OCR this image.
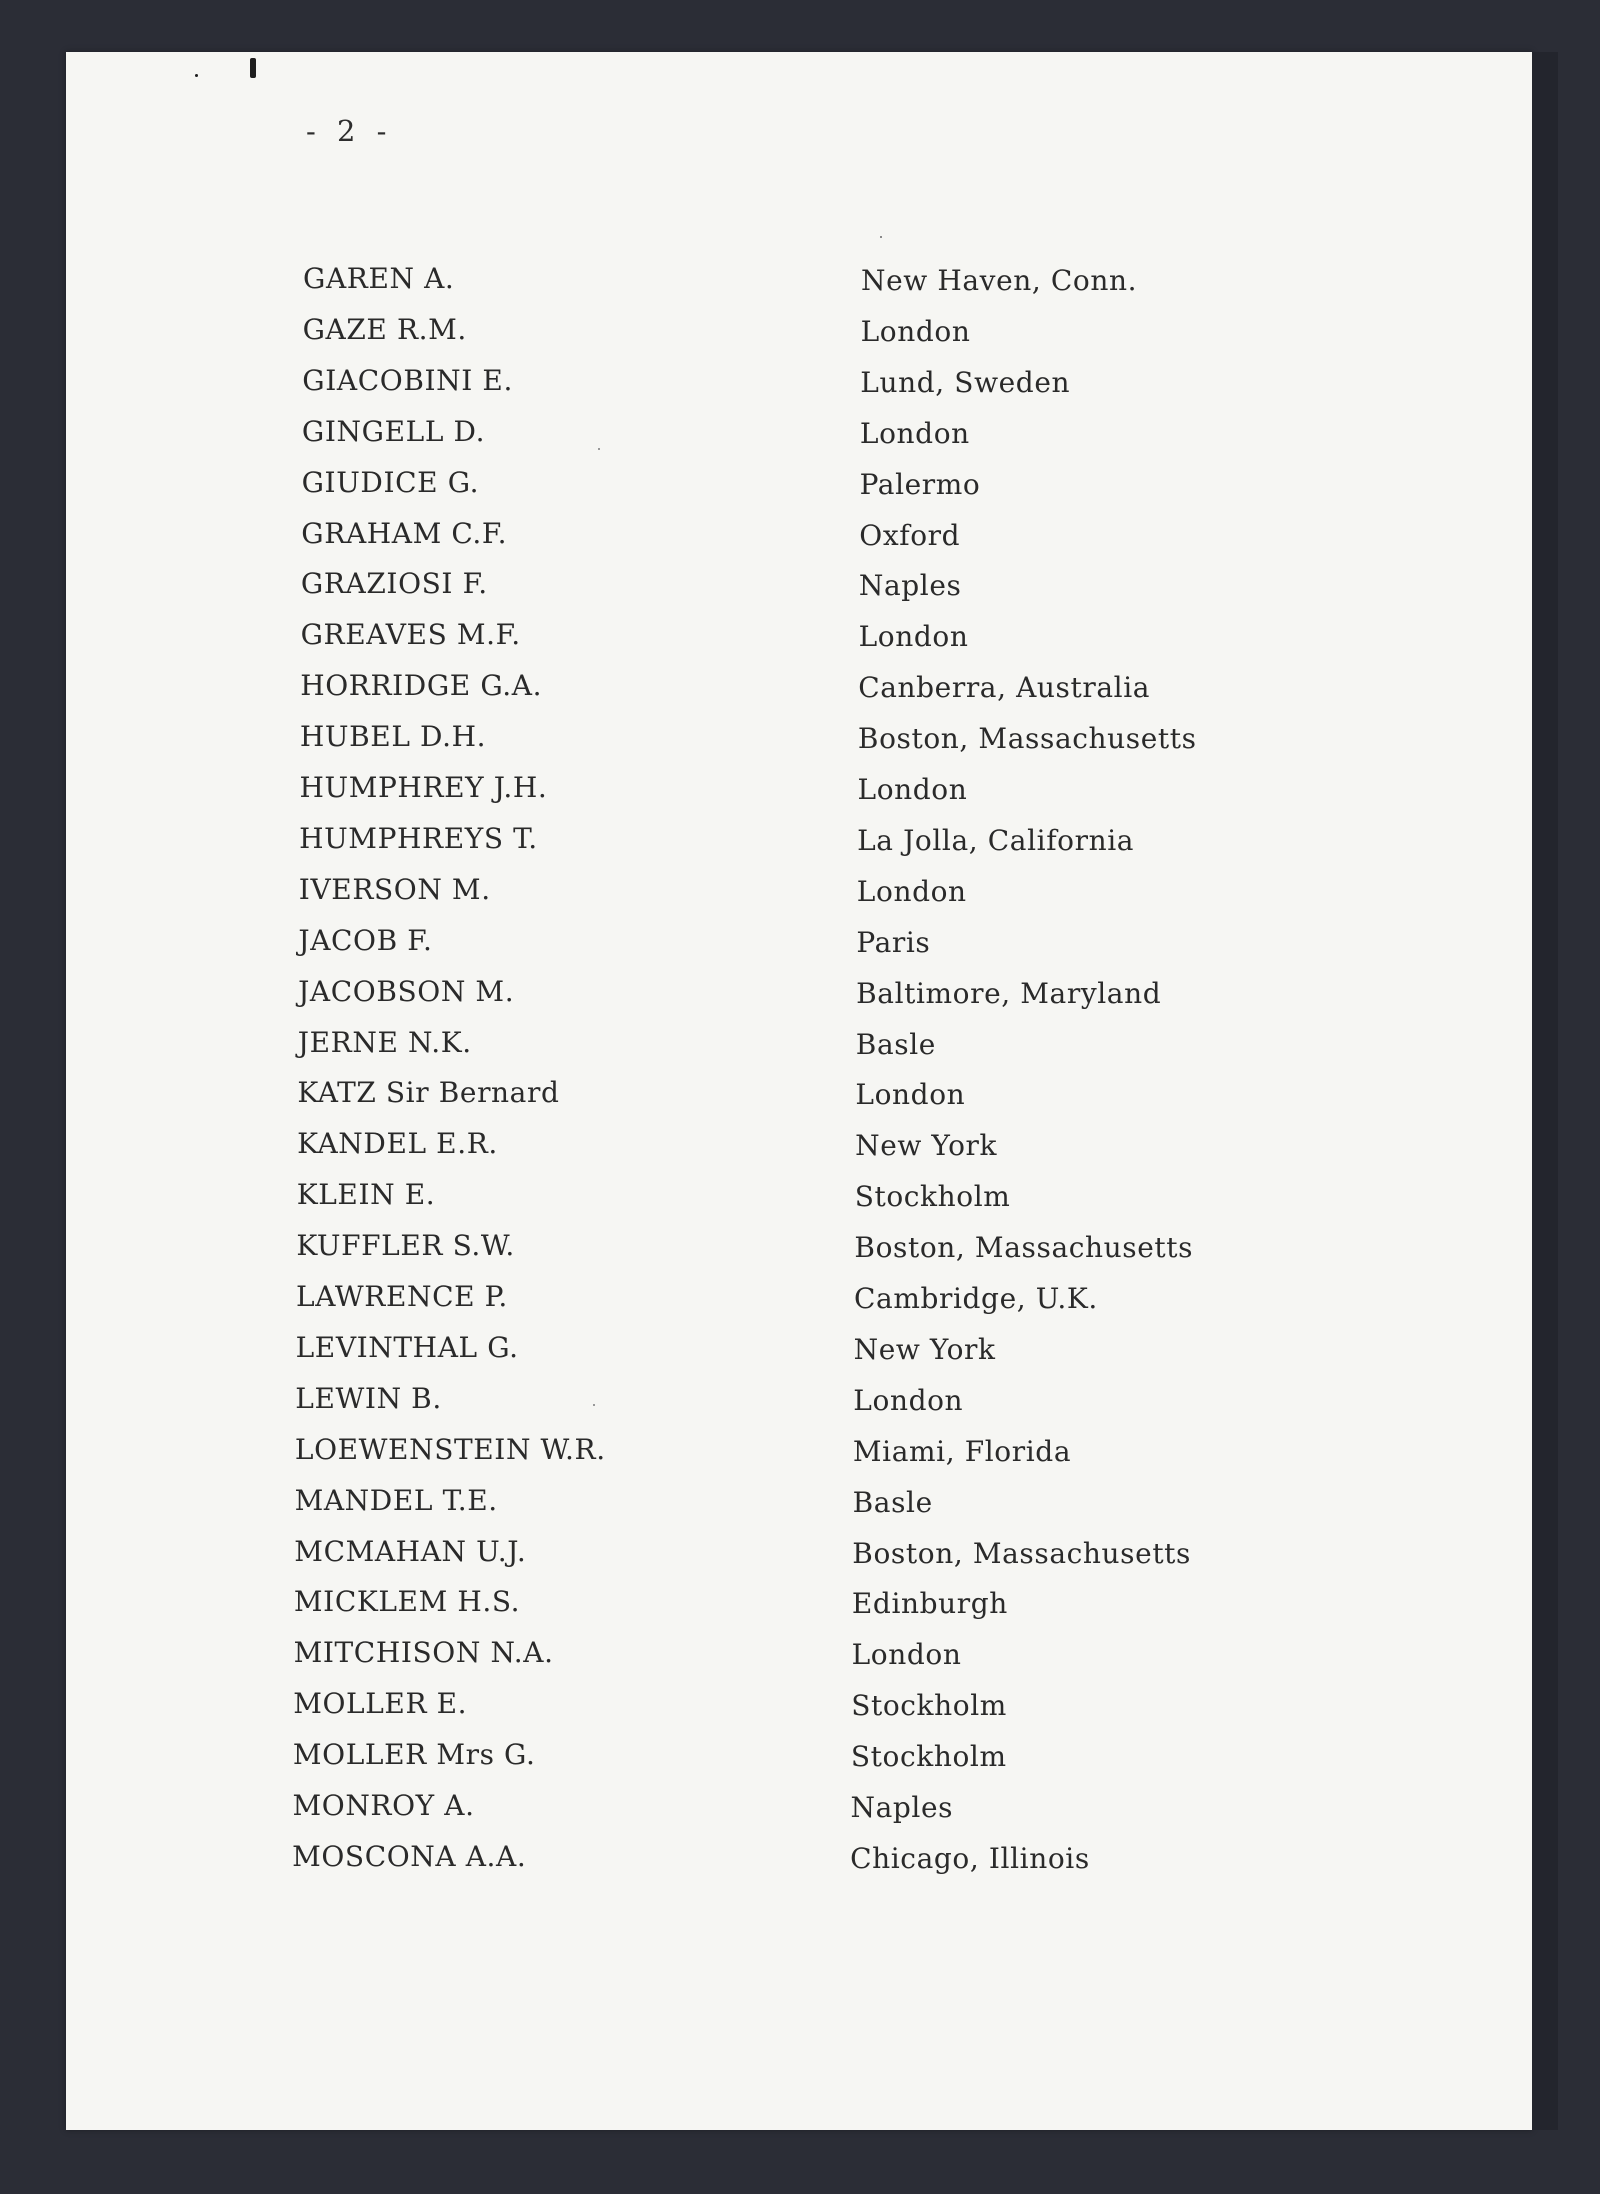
- 2 -
GAREN A.	New Haven, Conn.
GAZE R.M.	London
GIACOBINI E.	Lund, Sweden
GINGELL D.	London
GIUDICE G.	Palermo
GRAHAM C.F.	Oxford
GRAZIOSI F.	Naples
GREAVES M.F.	London
HORRIDGE G.A.	Canberra, Australia
HUBEL D.H.	Boston, Massachusetts
HUMPHREY J.H.	London
HUMPHREYS T.	La Jolla, California
IVERSON M.	London
JACOB F.	Paris
JACOBSON M.	Baltimore, Maryland
JERNE N.K.	Basle
KATZ Sir Bernard	London
KANDEL E.R.	New York
KLEIN E.	Stockholm
KUFFLER S.W.	Boston, Massachusetts
LAWRENCE P.	Cambridge, U.K.
LEVINTHAL G.	New York
LEWIN B.	London
LOEWENSTEIN W.R.	Miami, Florida
MANDEL T.E.	Basle
MCMAHAN U.J.	Boston, Massachusetts
MICKLEM H.S.	Edinburgh
MITCHISON N.A.	London
MOLLER E.	Stockholm
MOLLER Mrs G.	Stockholm
MONROY A.	Naples
MOSCONA A.A.	Chicago, Illinois
